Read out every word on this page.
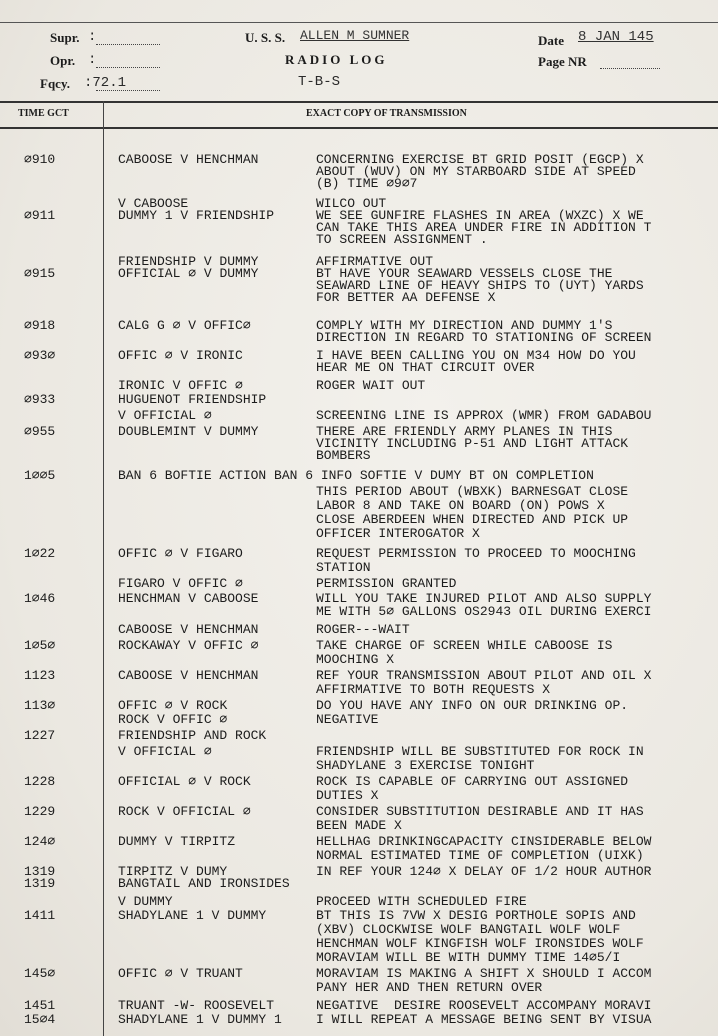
Supr. :
Opr. :
Fqcy. :72.1
U. S. S. ALLEN M SUMNER
RADIO LOG
T-B-S
Date 8 JAN 145
Page NR
TIME GCT	EXACT COPY OF TRANSMISSION
∅910	CABOOSE V HENCHMAN	CONCERNING EXERCISE BT GRID POSIT (EGCP) X
ABOUT (WUV) ON MY STARBOARD SIDE AT SPEED
(B) TIME ∅9∅7
V CABOOSE	WILCO OUT
∅911	DUMMY 1 V FRIENDSHIP	WE SEE GUNFIRE FLASHES IN AREA (WXZC) X WE
CAN TAKE THIS AREA UNDER FIRE IN ADDITION T
TO SCREEN ASSIGNMENT .
FRIENDSHIP V DUMMY	AFFIRMATIVE OUT
∅915	OFFICIAL ∅ V DUMMY	BT HAVE YOUR SEAWARD VESSELS CLOSE THE
SEAWARD LINE OF HEAVY SHIPS TO (UYT) YARDS
FOR BETTER AA DEFENSE X
∅918	CALG G ∅ V OFFIC∅	COMPLY WITH MY DIRECTION AND DUMMY 1'S
DIRECTION IN REGARD TO STATIONING OF SCREEN
∅93∅	OFFIC ∅ V IRONIC	I HAVE BEEN CALLING YOU ON M34 HOW DO YOU
HEAR ME ON THAT CIRCUIT OVER
IRONIC V OFFIC ∅	ROGER WAIT OUT
∅933	HUGUENOT FRIENDSHIP
V OFFICIAL ∅	SCREENING LINE IS APPROX (WMR) FROM GADABOU
∅955	DOUBLEMINT V DUMMY	THERE ARE FRIENDLY ARMY PLANES IN THIS
VICINITY INCLUDING P-51 AND LIGHT ATTACK
BOMBERS
1∅∅5	BAN 6 BOFTIE ACTION BAN 6 INFO SOFTIE V DUMY BT ON COMPLETION
THIS PERIOD ABOUT (WBXK) BARNESGAT CLOSE
LABOR 8 AND TAKE ON BOARD (ON) POWS X
CLOSE ABERDEEN WHEN DIRECTED AND PICK UP
OFFICER INTEROGATOR X
1∅22	OFFIC ∅ V FIGARO	REQUEST PERMISSION TO PROCEED TO MOOCHING
STATION
FIGARO V OFFIC ∅	PERMISSION GRANTED
1∅46	HENCHMAN V CABOOSE	WILL YOU TAKE INJURED PILOT AND ALSO SUPPLY
ME WITH 5∅ GALLONS OS2943 OIL DURING EXERCI
CABOOSE V HENCHMAN	ROGER---WAIT
1∅5∅	ROCKAWAY V OFFIC ∅	TAKE CHARGE OF SCREEN WHILE CABOOSE IS
MOOCHING X
1123	CABOOSE V HENCHMAN	REF YOUR TRANSMISSION ABOUT PILOT AND OIL X
AFFIRMATIVE TO BOTH REQUESTS X
113∅	OFFIC ∅ V ROCK	DO YOU HAVE ANY INFO ON OUR DRINKING OP.
ROCK V OFFIC ∅	NEGATIVE
1227	FRIENDSHIP AND ROCK
V OFFICIAL ∅	FRIENDSHIP WILL BE SUBSTITUTED FOR ROCK IN
SHADYLANE 3 EXERCISE TONIGHT
1228	OFFICIAL ∅ V ROCK	ROCK IS CAPABLE OF CARRYING OUT ASSIGNED
DUTIES X
1229	ROCK V OFFICIAL ∅	CONSIDER SUBSTITUTION DESIRABLE AND IT HAS
BEEN MADE X
124∅	DUMMY V TIRPITZ	HELLHAG DRINKINGCAPACITY CINSIDERABLE BELOW
NORMAL ESTIMATED TIME OF COMPLETION (UIXK)
1319	TIRPITZ V DUMY	IN REF YOUR 124∅ X DELAY OF 1/2 HOUR AUTHOR
1319	BANGTAIL AND IRONSIDES
V DUMMY	PROCEED WITH SCHEDULED FIRE
1411	SHADYLANE 1 V DUMMY	BT THIS IS 7VW X DESIG PORTHOLE SOPIS AND
(XBV) CLOCKWISE WOLF BANGTAIL WOLF WOLF
HENCHMAN WOLF KINGFISH WOLF IRONSIDES WOLF
MORAVIAM WILL BE WITH DUMMY TIME 14∅5/I
145∅	OFFIC ∅ V TRUANT	MORAVIAM IS MAKING A SHIFT X SHOULD I ACCOM
PANY HER AND THEN RETURN OVER
1451	TRUANT -W- ROOSEVELT	NEGATIVE  DESIRE ROOSEVELT ACCOMPANY MORAVI
15∅4	SHADYLANE 1 V DUMMY 1	I WILL REPEAT A MESSAGE BEING SENT BY VISUA
